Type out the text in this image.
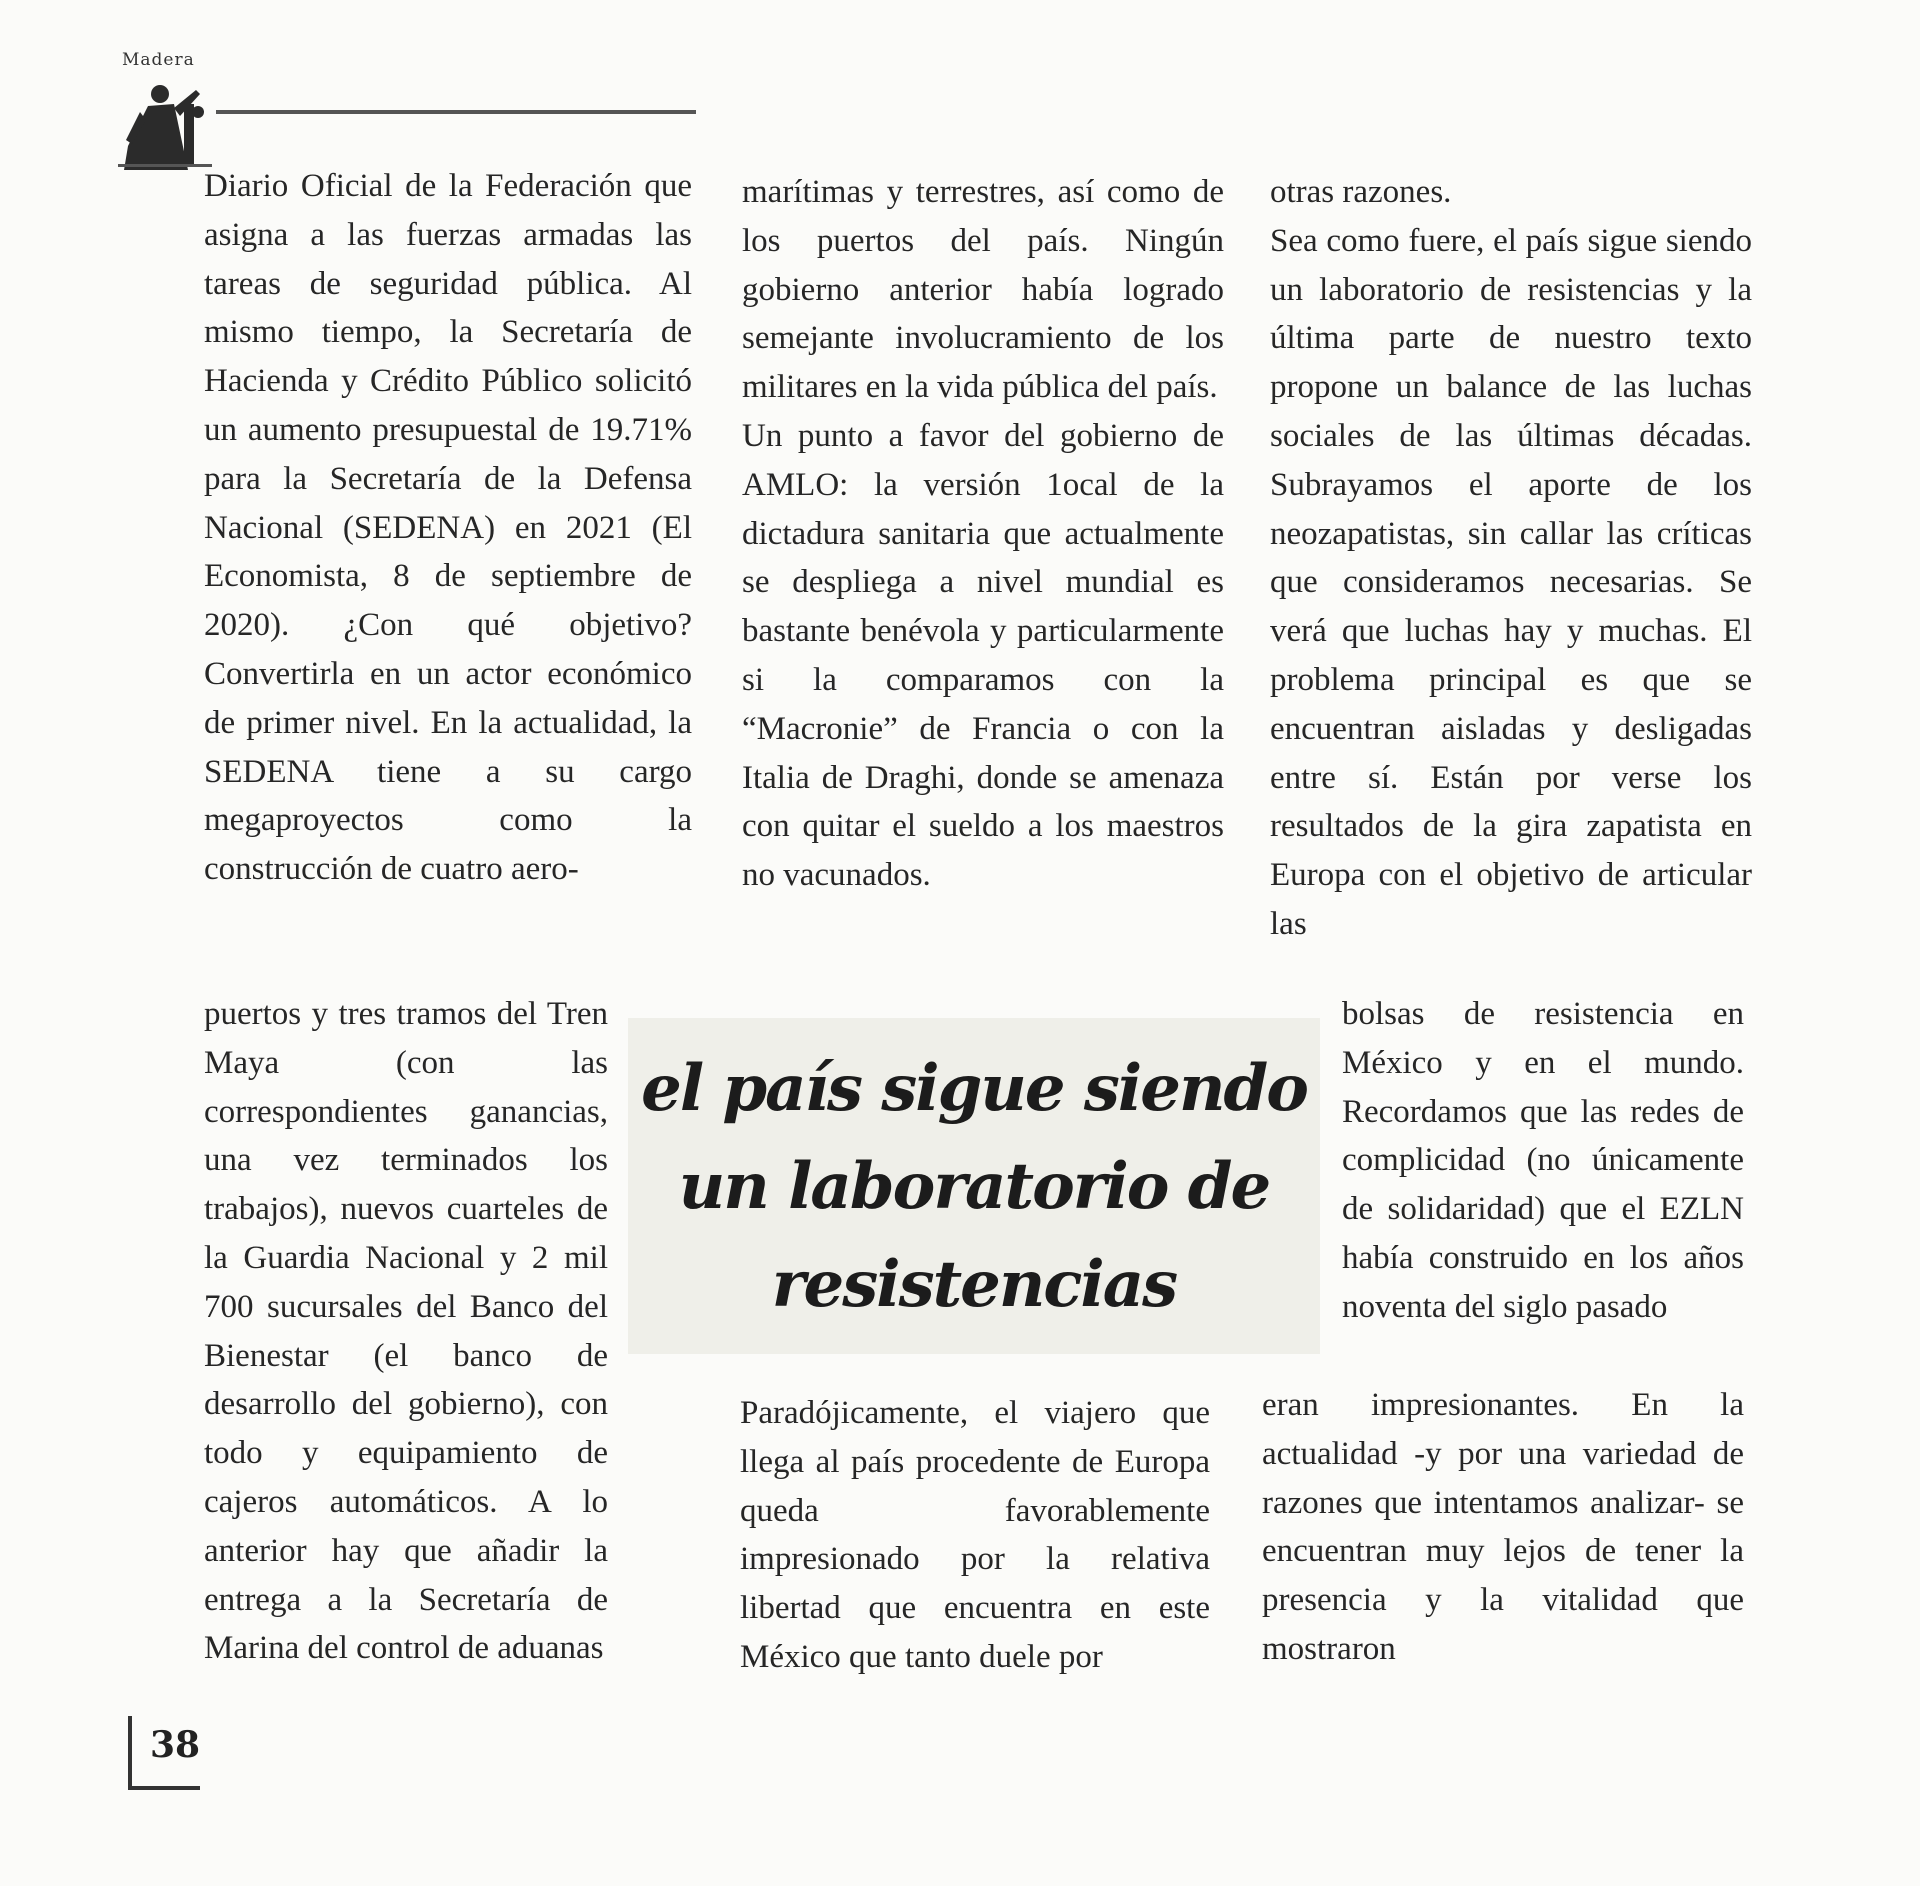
Madera

Diario Oficial de la Federación que asigna a las fuerzas armadas las tareas de seguridad pública. Al mismo tiempo, la Secretaría de Hacienda y Crédito Público solicitó un aumento presupuestal de 19.71% para la Secretaría de la Defensa Nacional (SEDENA) en 2021 (El Economista, 8 de septiembre de 2020). ¿Con qué objetivo? Convertirla en un actor económico de primer nivel. En la actualidad, la SEDENA tiene a su cargo megaproyectos como la construcción de cuatro aero-

puertos y tres tramos del Tren Maya (con las correspondientes ganancias, una vez terminados los trabajos), nuevos cuarteles de la Guardia Nacional y 2 mil 700 sucursales del Banco del Bienestar (el banco de desarrollo del gobierno), con todo y equipamiento de cajeros automáticos. A lo anterior hay que añadir la entrega a la Secretaría de Marina del control de aduanas

marítimas y terrestres, así como de los puertos del país. Ningún gobierno anterior había logrado semejante involucramiento de los militares en la vida pública del país.

Un punto a favor del gobierno de AMLO: la versión 1ocal de la dictadura sanitaria que actualmente se despliega a nivel mundial es bastante benévola y particularmente si la comparamos con la “Macronie” de Francia o con la Italia de Draghi, donde se amenaza con quitar el sueldo a los maestros no vacunados.

Paradójicamente, el viajero que llega al país procedente de Europa queda favorablemente impresionado por la relativa libertad que encuentra en este México que tanto duele por

otras razones.

Sea como fuere, el país sigue siendo un laboratorio de resistencias y la última parte de nuestro texto propone un balance de las luchas sociales de las últimas décadas. Subrayamos el aporte de los neozapatistas, sin callar las críticas que consideramos necesarias. Se verá que luchas hay y muchas. El problema principal es que se encuentran aisladas y desligadas entre sí. Están por verse los resultados de la gira zapatista en Europa con el objetivo de articular las

bolsas de resistencia en México y en el mundo. Recordamos que las redes de complicidad (no únicamente de solidaridad) que el EZLN había construido en los años noventa del siglo pasado

eran impresionantes. En la actualidad -y por una variedad de razones que intentamos analizar- se encuentran muy lejos de tener la presencia y la vitalidad que mostraron

el país sigue siendo un laboratorio de resistencias
38
